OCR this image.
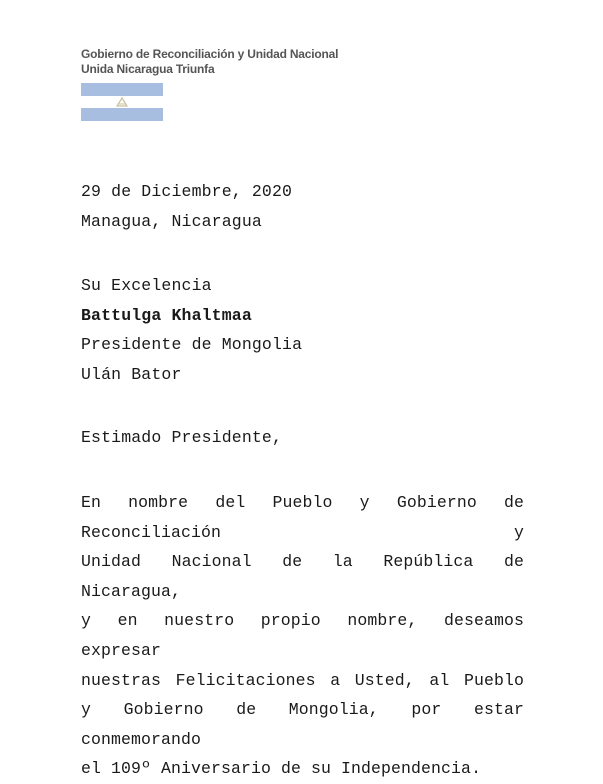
Gobierno de Reconciliación y Unidad Nacional
Unida Nicaragua Triunfa
29 de Diciembre, 2020
Managua, Nicaragua
Su Excelencia
Battulga Khaltmaa
Presidente de Mongolia
Ulán Bator
Estimado Presidente,
En nombre del Pueblo y Gobierno de Reconciliación y
Unidad Nacional de la República de Nicaragua,
y en nuestro propio nombre, deseamos expresar
nuestras Felicitaciones a Usted, al Pueblo
y Gobierno de Mongolia, por estar conmemorando
el 109º Aniversario de su Independencia.
